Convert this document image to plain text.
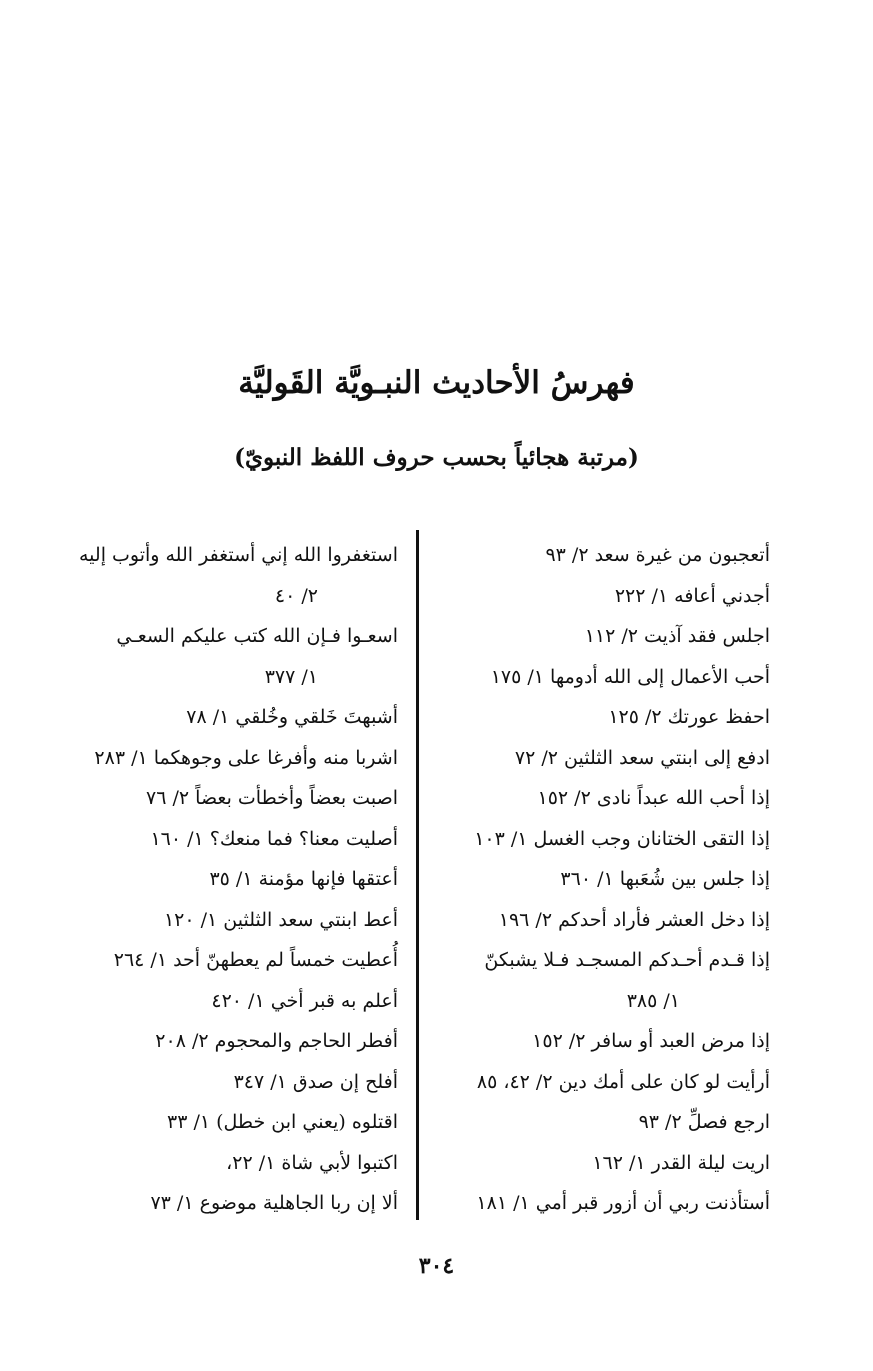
فهرسُ الأحاديث النبـويَّة القَوليَّة
(مرتبة هجائياً بحسب حروف اللفظ النبويّ)
أتعجبون من غيرة سعد ٢/ ٩٣
أجدني أعافه ١/ ٢٢٢
اجلس فقد آذيت ٢/ ١١٢
أحب الأعمال إلى الله أدومها ١/ ١٧٥
احفظ عورتك ٢/ ١٢٥
ادفع إلى ابنتي سعد الثلثين ٢/ ٧٢
إذا أحب الله عبداً نادى ٢/ ١٥٢
إذا التقى الختانان وجب الغسل ١/ ١٠٣
إذا جلس بين شُعَبها ١/ ٣٦٠
إذا دخل العشر فأراد أحدكم ٢/ ١٩٦
إذا قـدم أحـدكم المسجـد فـلا يشبكنّ
١/ ٣٨٥
إذا مرض العبد أو سافر ٢/ ١٥٢
أرأيت لو كان على أمك دين ٢/ ٤٢، ٨٥
ارجع فصلِّ ٢/ ٩٣
اريت ليلة القدر ١/ ١٦٢
أستأذنت ربي أن أزور قبر أمي ١/ ١٨١
استغفروا الله إني أستغفر الله وأتوب إليه
٢/ ٤٠
اسعـوا فـإن الله كتب عليكم السعـي
١/ ٣٧٧
أشبهتَ خَلقي وخُلقي ١/ ٧٨
اشربا منه وأفرغا على وجوهكما ١/ ٢٨٣
اصبت بعضاً وأخطأت بعضاً ٢/ ٧٦
أصليت معنا؟ فما منعك؟ ١/ ١٦٠
أعتقها فإنها مؤمنة ١/ ٣٥
أعط ابنتي سعد الثلثين ١/ ١٢٠
أُعطيت خمساً لم يعطهنّ أحد ١/ ٢٦٤
أعلم به قبر أخي ١/ ٤٢٠
أفطر الحاجم والمحجوم ٢/ ٢٠٨
أفلح إن صدق ١/ ٣٤٧
اقتلوه (يعني ابن خطل) ١/ ٣٣
اكتبوا لأبي شاة ١/ ٢٢،
ألا إن ربا الجاهلية موضوع ١/ ٧٣
٣٠٤
